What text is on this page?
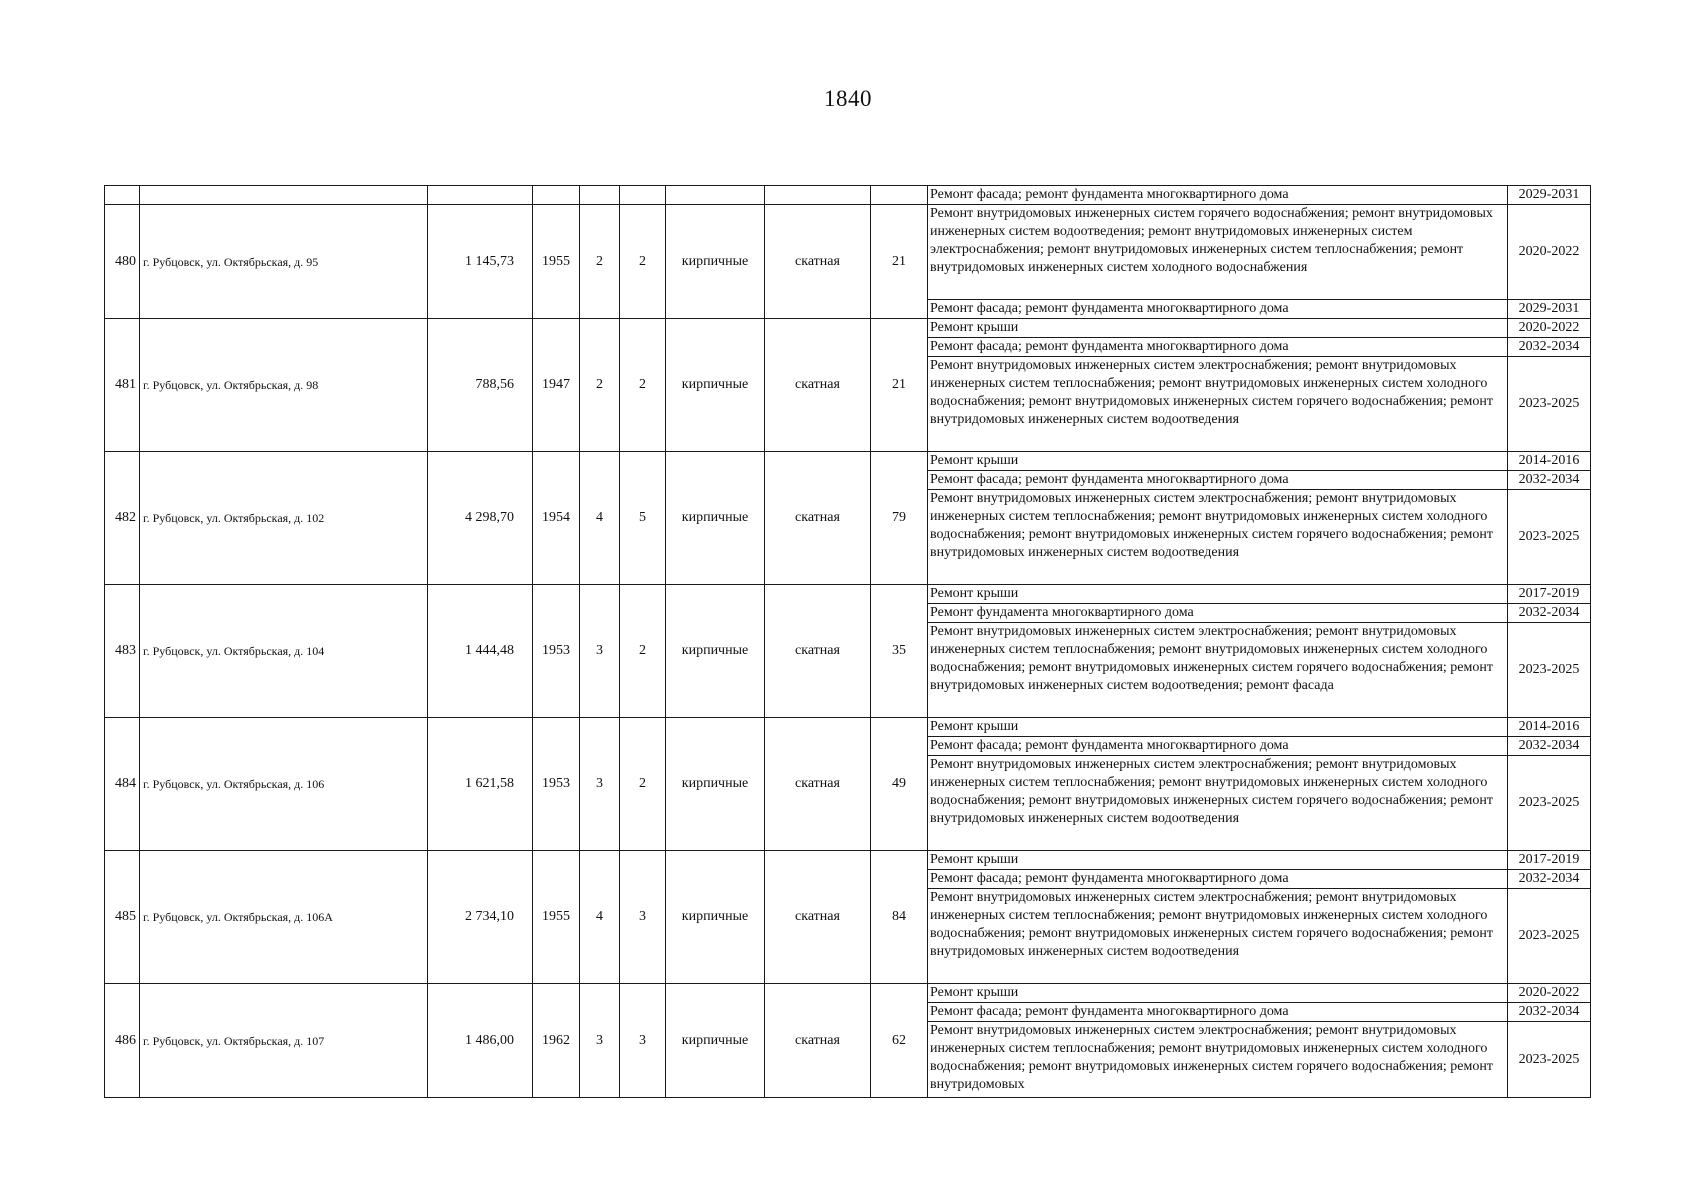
1840
									Ремонт фасада; ремонт фундамента многоквартирного дома	2029-2031
480	г. Рубцовск, ул. Октябрьская, д. 95	1 145,73	1955	2	2	кирпичные	скатная	21	Ремонт внутридомовых инженерных систем горячего водоснабжения; ремонт внутридомовых инженерных систем водоотведения; ремонт внутридомовых инженерных систем электроснабжения; ремонт внутридомовых инженерных систем теплоснабжения; ремонт внутридомовых инженерных систем холодного водоснабжения	2020-2022
									Ремонт фасада; ремонт фундамента многоквартирного дома	2029-2031
481	г. Рубцовск, ул. Октябрьская, д. 98	788,56	1947	2	2	кирпичные	скатная	21	Ремонт крыши	2020-2022
									Ремонт фасада; ремонт фундамента многоквартирного дома	2032-2034
									Ремонт внутридомовых инженерных систем электроснабжения; ремонт внутридомовых инженерных систем теплоснабжения; ремонт внутридомовых инженерных систем холодного водоснабжения; ремонт внутридомовых инженерных систем горячего водоснабжения; ремонт внутридомовых инженерных систем водоотведения	2023-2025
482	г. Рубцовск, ул. Октябрьская, д. 102	4 298,70	1954	4	5	кирпичные	скатная	79	Ремонт крыши	2014-2016
									Ремонт фасада; ремонт фундамента многоквартирного дома	2032-2034
									Ремонт внутридомовых инженерных систем электроснабжения; ремонт внутридомовых инженерных систем теплоснабжения; ремонт внутридомовых инженерных систем холодного водоснабжения; ремонт внутридомовых инженерных систем горячего водоснабжения; ремонт внутридомовых инженерных систем водоотведения	2023-2025
483	г. Рубцовск, ул. Октябрьская, д. 104	1 444,48	1953	3	2	кирпичные	скатная	35	Ремонт крыши	2017-2019
									Ремонт фундамента многоквартирного дома	2032-2034
									Ремонт внутридомовых инженерных систем электроснабжения; ремонт внутридомовых инженерных систем теплоснабжения; ремонт внутридомовых инженерных систем холодного водоснабжения; ремонт внутридомовых инженерных систем горячего водоснабжения; ремонт внутридомовых инженерных систем водоотведения; ремонт фасада	2023-2025
484	г. Рубцовск, ул. Октябрьская, д. 106	1 621,58	1953	3	2	кирпичные	скатная	49	Ремонт крыши	2014-2016
									Ремонт фасада; ремонт фундамента многоквартирного дома	2032-2034
									Ремонт внутридомовых инженерных систем электроснабжения; ремонт внутридомовых инженерных систем теплоснабжения; ремонт внутридомовых инженерных систем холодного водоснабжения; ремонт внутридомовых инженерных систем горячего водоснабжения; ремонт внутридомовых инженерных систем водоотведения	2023-2025
485	г. Рубцовск, ул. Октябрьская, д. 106А	2 734,10	1955	4	3	кирпичные	скатная	84	Ремонт крыши	2017-2019
									Ремонт фасада; ремонт фундамента многоквартирного дома	2032-2034
									Ремонт внутридомовых инженерных систем электроснабжения; ремонт внутридомовых инженерных систем теплоснабжения; ремонт внутридомовых инженерных систем холодного водоснабжения; ремонт внутридомовых инженерных систем горячего водоснабжения; ремонт внутридомовых инженерных систем водоотведения	2023-2025
486	г. Рубцовск, ул. Октябрьская, д. 107	1 486,00	1962	3	3	кирпичные	скатная	62	Ремонт крыши	2020-2022
									Ремонт фасада; ремонт фундамента многоквартирного дома	2032-2034
									Ремонт внутридомовых инженерных систем электроснабжения; ремонт внутридомовых инженерных систем теплоснабжения; ремонт внутридомовых инженерных систем холодного водоснабжения; ремонт внутридомовых инженерных систем горячего водоснабжения; ремонт внутридомовых	2023-2025
